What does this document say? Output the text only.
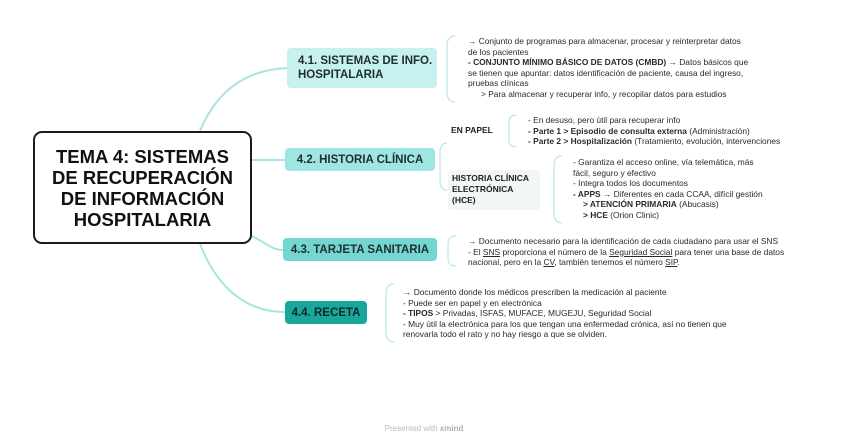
TEMA 4: SISTEMAS
DE RECUPERACIÓN
DE INFORMACIÓN
HOSPITALARIA
4.1. SISTEMAS DE INFO.
HOSPITALARIA
4.2. HISTORIA CLÍNICA
4.3. TARJETA SANITARIA
4.4. RECETA
EN PAPEL
HISTORIA CLÍNICA
ELECTRÓNICA
(HCE)
→ Conjunto de programas para almacenar, procesar y reinterpretar datos
de los pacientes
- CONJUNTO MÍNIMO BÁSICO DE DATOS (CMBD) → Datos básicos que
se tienen que apuntar: datos identificación de paciente, causa del ingreso,
pruebas clínicas
> Para almacenar y recuperar info, y recopilar datos para estudios
- En desuso, pero útil para recuperar info
- Parte 1 > Episodio de consulta externa (Administración)
- Parte 2 > Hospitalización (Tratamiento, evolución, intervenciones
- Garantiza el acceso online, vía telemática, más
fácil, seguro y efectivo
- Integra todos los documentos
- APPS → Diferentes en cada CCAA, difícil gestión
> ATENCIÓN PRIMARIA (Abucasis)
> HCE (Orion Clinic)
→ Documento necesario para la identificación de cada ciudadano para usar el SNS
- El SNS proporciona el número de la Seguridad Social para tener una base de datos
nacional, pero en la CV, también tenemos el número SIP.
→ Documento donde los médicos prescriben la medicación al paciente
- Puede ser en papel y en electrónica
- TIPOS > Privadas, ISFAS, MUFACE, MUGEJU, Seguridad Social
- Muy útil la electrónica para los que tengan una enfermedad crónica, así no tienen que
renovarla todo el rato y no hay riesgo a que se olviden.
Presented with xmind
